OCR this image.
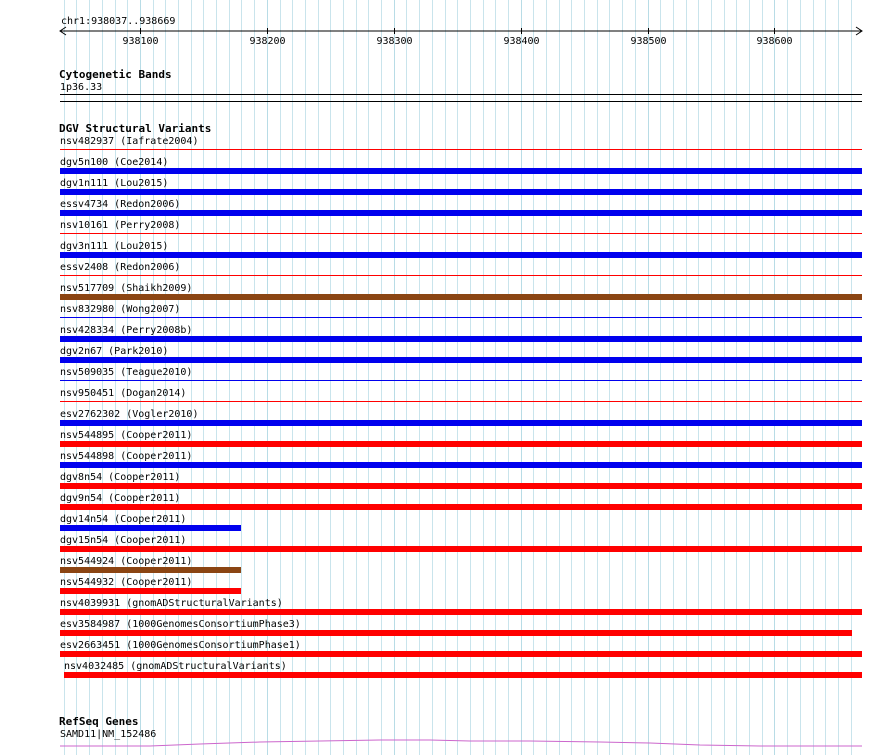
chr1:938037..938669
938100	938200	938300	938400	938500	938600
Cytogenetic Bands
1p36.33
DGV Structural Variants
nsv482937 (Iafrate2004)
dgv5n100 (Coe2014)
dgv1n111 (Lou2015)
essv4734 (Redon2006)
nsv10161 (Perry2008)
dgv3n111 (Lou2015)
essv2408 (Redon2006)
nsv517709 (Shaikh2009)
nsv832980 (Wong2007)
nsv428334 (Perry2008b)
dgv2n67 (Park2010)
nsv509035 (Teague2010)
nsv950451 (Dogan2014)
esv2762302 (Vogler2010)
nsv544895 (Cooper2011)
nsv544898 (Cooper2011)
dgv8n54 (Cooper2011)
dgv9n54 (Cooper2011)
dgv14n54 (Cooper2011)
dgv15n54 (Cooper2011)
nsv544924 (Cooper2011)
nsv544932 (Cooper2011)
nsv4039931 (gnomADStructuralVariants)
esv3584987 (1000GenomesConsortiumPhase3)
esv2663451 (1000GenomesConsortiumPhase1)
nsv4032485 (gnomADStructuralVariants)
RefSeq Genes
SAMD11|NM_152486
